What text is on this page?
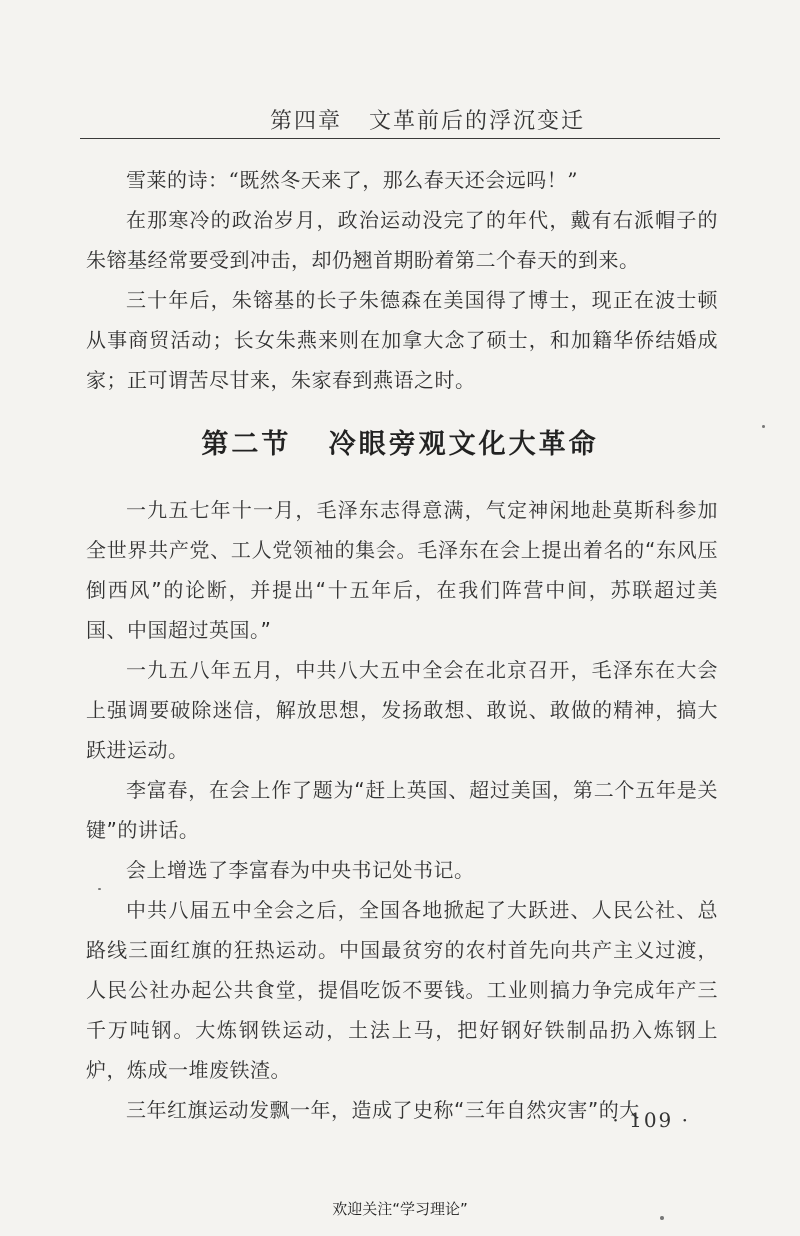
第四章   文革前后的浮沉变迁

雪莱的诗：“既然冬天来了，那么春天还会远吗！”

在那寒冷的政治岁月，政治运动没完了的年代，戴有右派帽子的朱镕基经常要受到冲击，却仍翘首期盼着第二个春天的到来。

三十年后，朱镕基的长子朱德森在美国得了博士，现正在波士顿从事商贸活动；长女朱燕来则在加拿大念了硕士，和加籍华侨结婚成家；正可谓苦尽甘来，朱家春到燕语之时。

第二节   冷眼旁观文化大革命

一九五七年十一月，毛泽东志得意满，气定神闲地赴莫斯科参加全世界共产党、工人党领袖的集会。毛泽东在会上提出着名的“东风压倒西风”的论断，并提出“十五年后，在我们阵营中间，苏联超过美国、中国超过英国。”

一九五八年五月，中共八大五中全会在北京召开，毛泽东在大会上强调要破除迷信，解放思想，发扬敢想、敢说、敢做的精神，搞大跃进运动。

李富春，在会上作了题为“赶上英国、超过美国，第二个五年是关键”的讲话。

会上增选了李富春为中央书记处书记。

中共八届五中全会之后，全国各地掀起了大跃进、人民公社、总路线三面红旗的狂热运动。中国最贫穷的农村首先向共产主义过渡，人民公社办起公共食堂，提倡吃饭不要钱。工业则搞力争完成年产三千万吨钢。大炼钢铁运动，土法上马，把好钢好铁制品扔入炼钢上炉，炼成一堆废铁渣。

三年红旗运动发飘一年，造成了史称“三年自然灾害”的大

· 109 ·
欢迎关注“学习理论”
